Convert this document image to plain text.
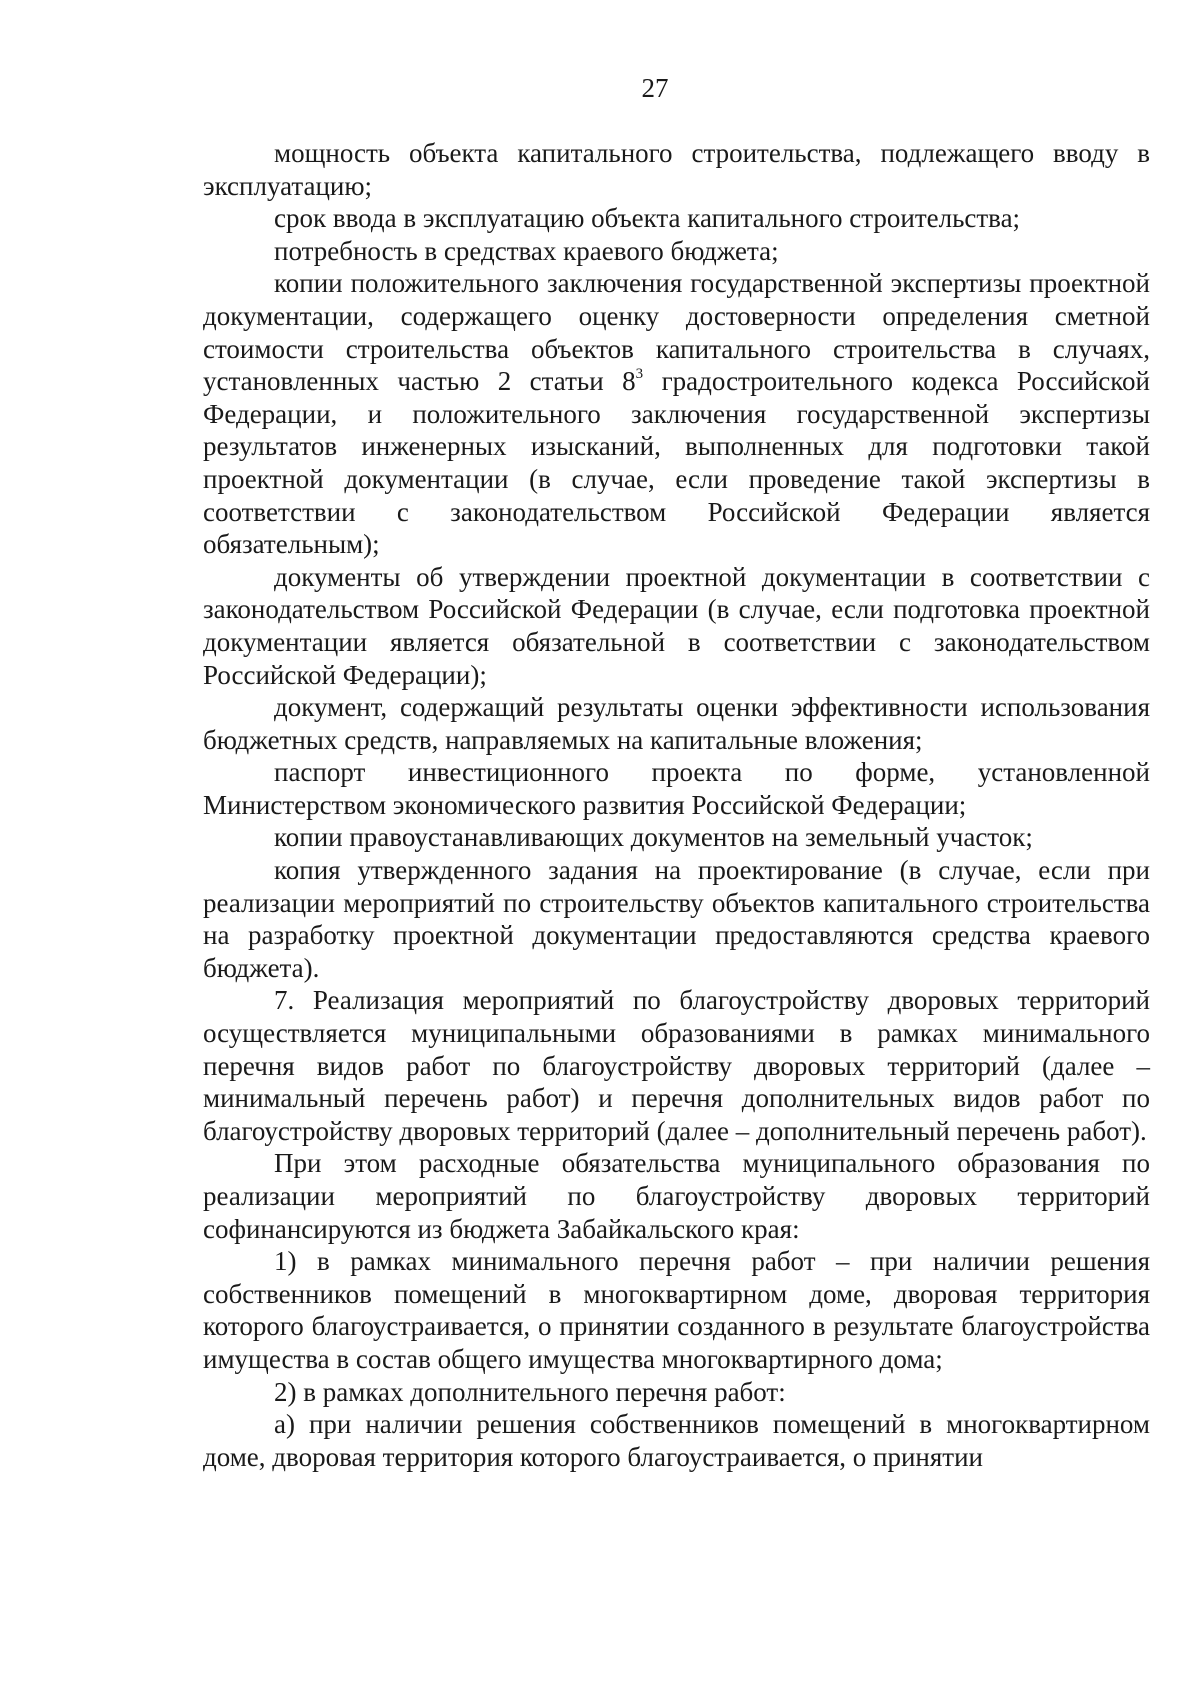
27

мощность объекта капитального строительства, подлежащего вводу в эксплуатацию;

срок ввода в эксплуатацию объекта капитального строительства;

потребность в средствах краевого бюджета;

копии положительного заключения государственной экспертизы проектной документации, содержащего оценку достоверности определения сметной стоимости строительства объектов капитального строительства в случаях, установленных частью 2 статьи 8$^3$ градостроительного кодекса Российской Федерации, и положительного заключения государственной экспертизы результатов инженерных изысканий, выполненных для подготовки такой проектной документации (в случае, если проведение такой экспертизы в соответствии с законодательством Российской Федерации является обязательным);

документы об утверждении проектной документации в соответствии с законодательством Российской Федерации (в случае, если подготовка проектной документации является обязательной в соответствии с законодательством Российской Федерации);

документ, содержащий результаты оценки эффективности использования бюджетных средств, направляемых на капитальные вложения;

паспорт инвестиционного проекта по форме, установленной Министерством экономического развития Российской Федерации;

копии правоустанавливающих документов на земельный участок;

копия утвержденного задания на проектирование (в случае, если при реализации мероприятий по строительству объектов капитального строительства на разработку проектной документации предоставляются средства краевого бюджета).

7. Реализация мероприятий по благоустройству дворовых территорий осуществляется муниципальными образованиями в рамках минимального перечня видов работ по благоустройству дворовых территорий (далее – минимальный перечень работ) и перечня дополнительных видов работ по благоустройству дворовых территорий (далее – дополнительный перечень работ).

При этом расходные обязательства муниципального образования по реализации мероприятий по благоустройству дворовых территорий софинансируются из бюджета Забайкальского края:

1) в рамках минимального перечня работ – при наличии решения собственников помещений в многоквартирном доме, дворовая территория которого благоустраивается, о принятии созданного в результате благоустройства имущества в состав общего имущества многоквартирного дома;

2) в рамках дополнительного перечня работ:

а) при наличии решения собственников помещений в многоквартирном доме, дворовая территория которого благоустраивается, о принятии
